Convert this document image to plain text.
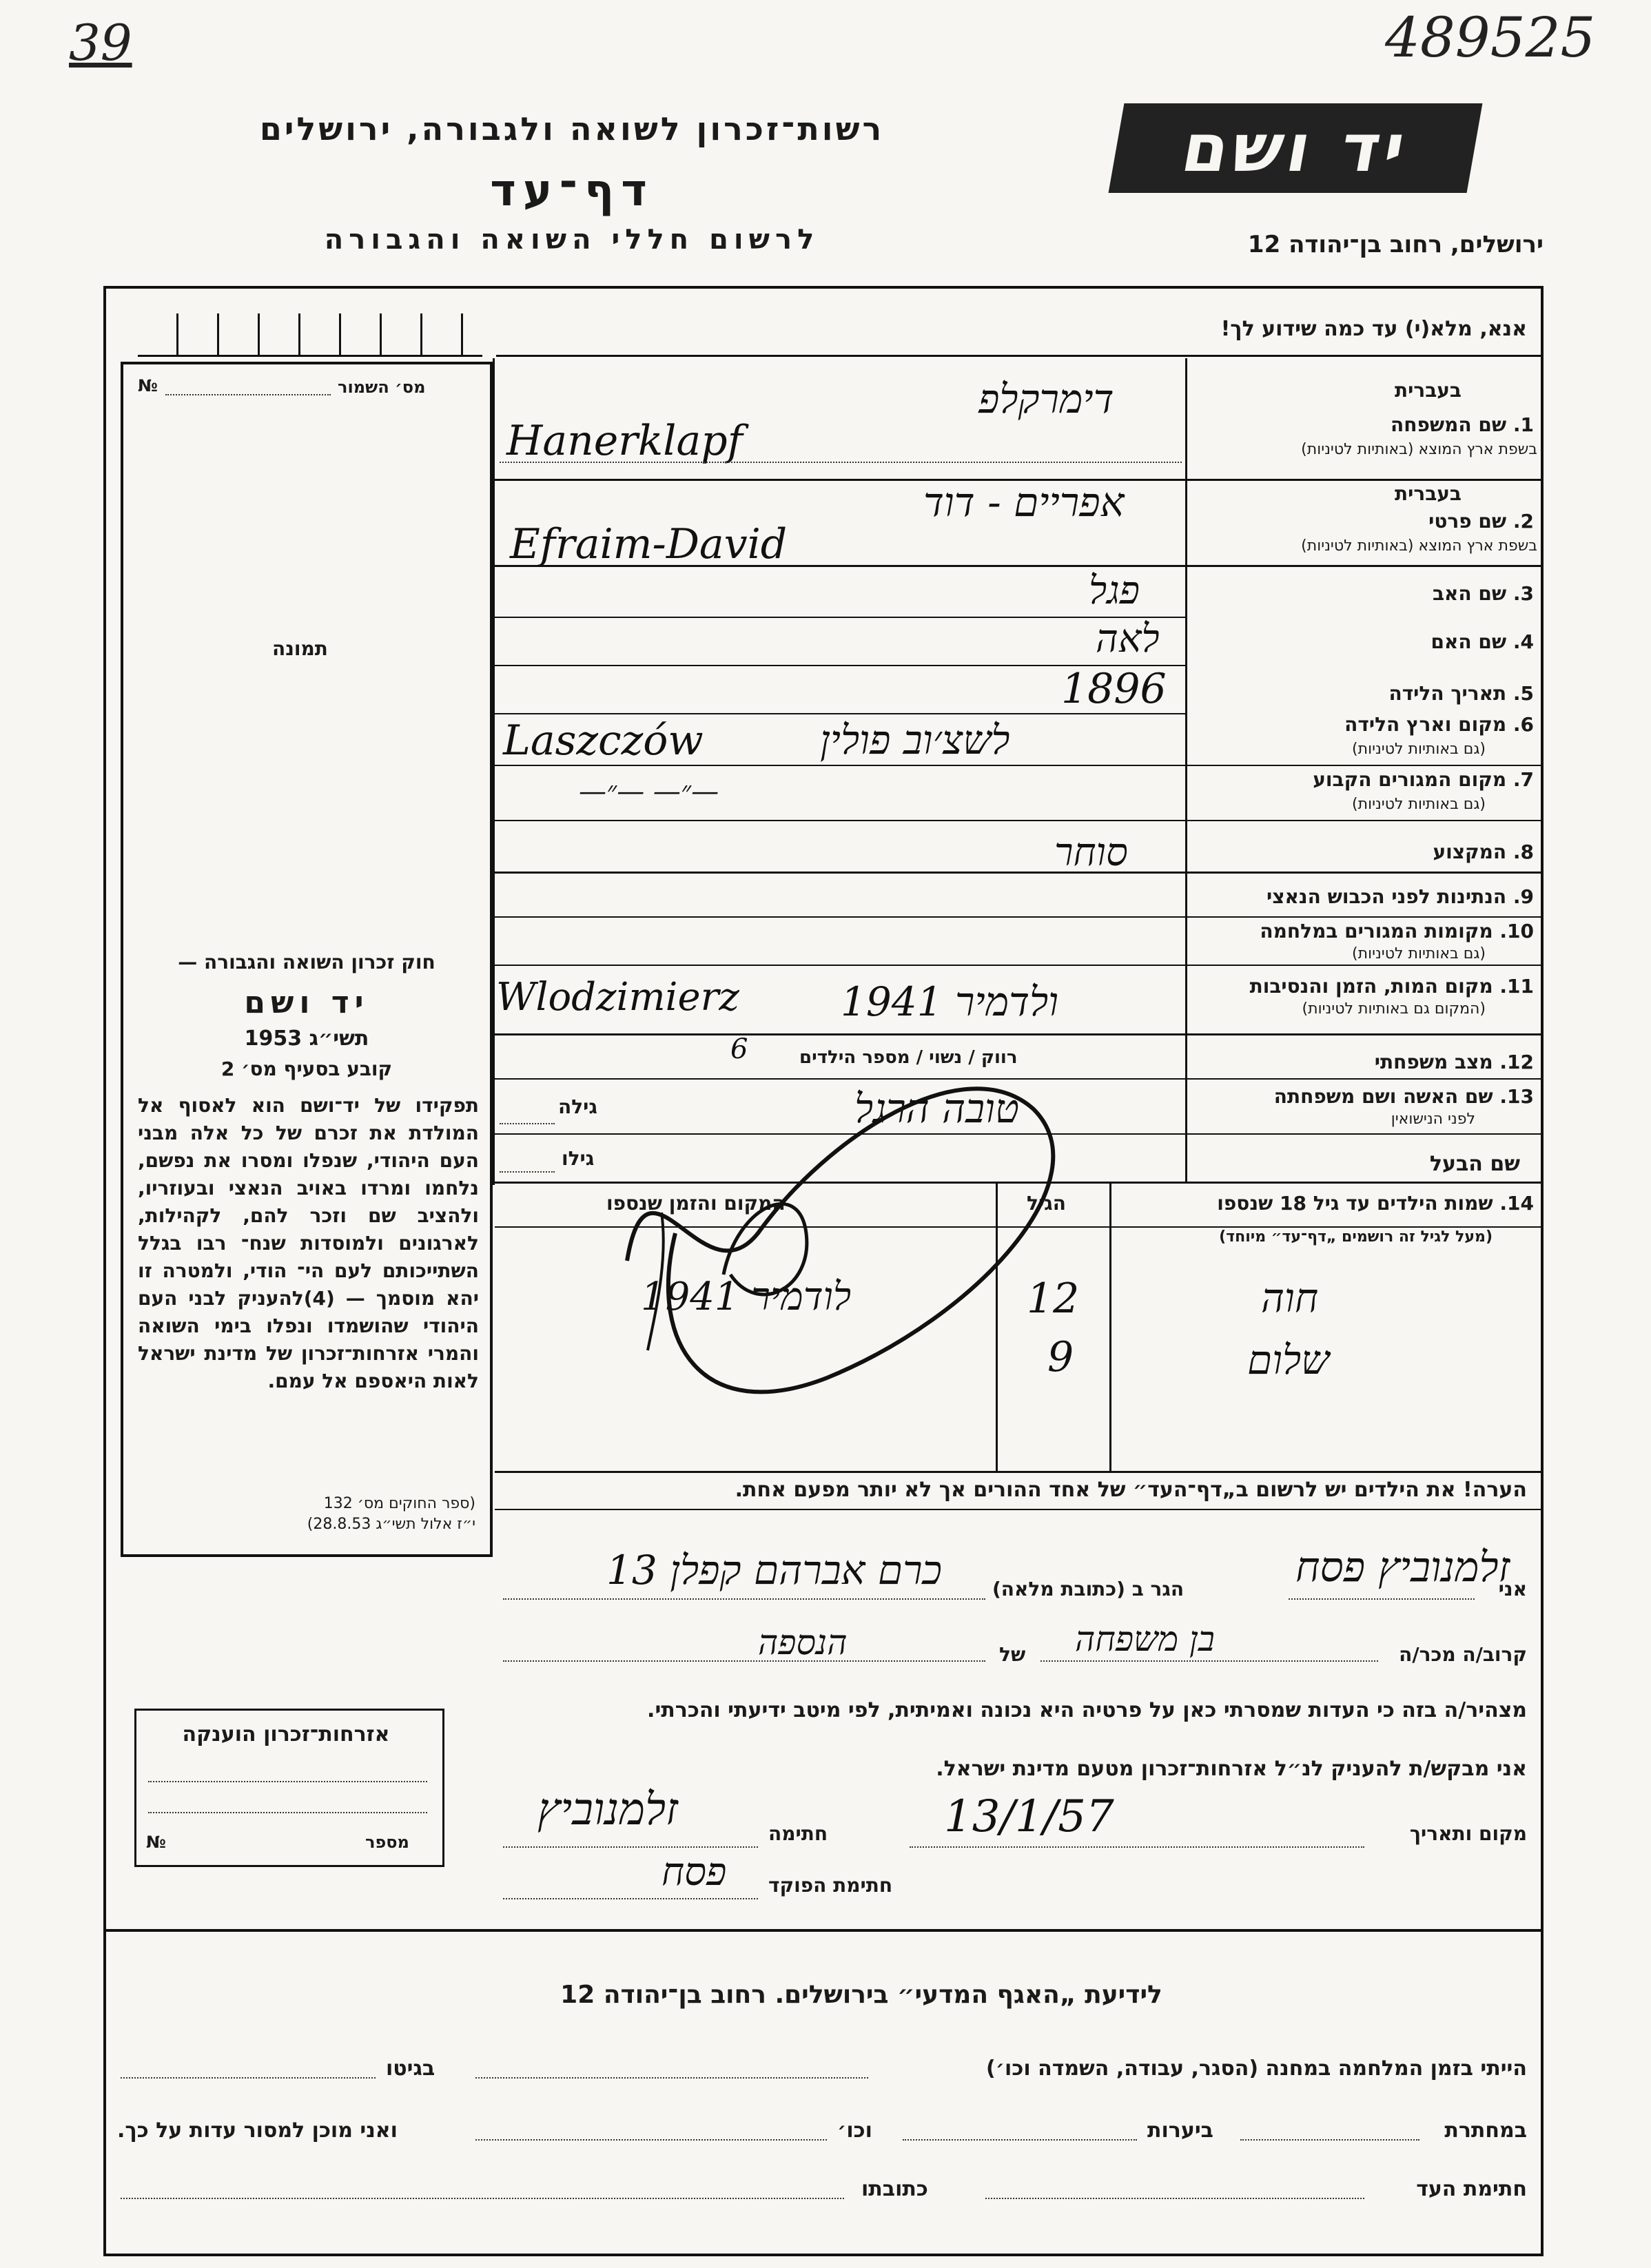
39	489525
רשות־זכרון לשואה ולגבורה, ירושלים
דף־עד
לרשום חללי השואה והגבורה
יד ושם
ירושלים, רחוב בן־יהודה 12
אנא, מלא(י) עד כמה שידוע לך!
מס׳ השמור
№
תמונה
חוק זכרון השואה והגבורה —
יד ושם
תשי״ג 1953
קובע בסעיף מס׳ 2
תפקידו של יד־ושם הוא לאסוף אל המולדת את זכרם של כל אלה מבני העם היהודי, שנפלו ומסרו את נפשם, נלחמו ומרדו באויב הנאצי ובעוזריו, ולהציב שם וזכר להם, לקהילות, לארגונים ולמוסדות שנח־ רבו בגלל השתייכותם לעם הי־ הודי, ולמטרה זו יהא מוסמך — (4)להעניק לבני העם היהודי שהושמדו ונפלו בימי השואה והמרי אזרחות־זכרון של מדינת ישראל לאות היאספם אל עמם.
(ספר החוקים מס׳ 132
י״ז אלול תשי״ג 28.8.53)
אזרחות־זכרון הוענקה
מספר
№
בעברית
1. שם המשפחה
בשפת ארץ המוצא (באותיות לטיניות)
דימרקלפ
Hanerklapf
בעברית
2. שם פרטי
בשפת ארץ המוצא (באותיות לטיניות)
אפריים - דוד
Efraim-David
3. שם האב
פגל
4. שם האם
לאה
5. תאריך הלידה
1896
6. מקום וארץ הלידה
(גם באותיות לטיניות)
לשצ׳וב פולין
Laszczów
7. מקום המגורים הקבוע
(גם באותיות לטיניות)
—״— —״—
8. המקצוע
סוחר
9. הנתינות לפני הכבוש הנאצי
10. מקומות המגורים במלחמה
(גם באותיות לטיניות)
11. מקום המות, הזמן והנסיבות
(המקום גם באותיות לטיניות)
ולדמיר 1941
Wlodzimierz
12. מצב משפחתי
רווק / נשוי / מספר הילדים
6
13. שם האשה ושם משפחתה
לפני הנישואין
טובה הרגל
גילה
שם הבעל
גילו
14. שמות הילדים עד גיל 18 שנספו
(מעל לגיל זה רושמים „דף־עד״ מיוחד)
הגיל
המקום והזמן שנספו
חוה
12
לודמיר 1941
שלום
9
הערה! את הילדים יש לרשום ב„דף־העד״ של אחד ההורים אך לא יותר מפעם אחת.
אני
זלמנוביץ פסח
הגר ב (כתובת מלאה)
כרם אברהם קפלן 13
קרוב/ה מכר/ה
בן משפחה
של
הנספה
מצהיר/ה בזה כי העדות שמסרתי כאן על פרטיה היא נכונה ואמיתית, לפי מיטב ידיעתי והכרתי.
אני מבקש/ת להעניק לנ״ל אזרחות־זכרון מטעם מדינת ישראל.
מקום ותאריך
13/1/57
חתימה
זלמנוביץ
חתימת הפוקד
פסח
לידיעת „האגף המדעי״ בירושלים. רחוב בן־יהודה 12
הייתי בזמן המלחמה במחנה (הסגר, עבודה, השמדה וכו׳)
בגיטו
במחתרת
ביערות
וכו׳
ואני מוכן למסור עדות על כך.
חתימת העד
כתובתו
